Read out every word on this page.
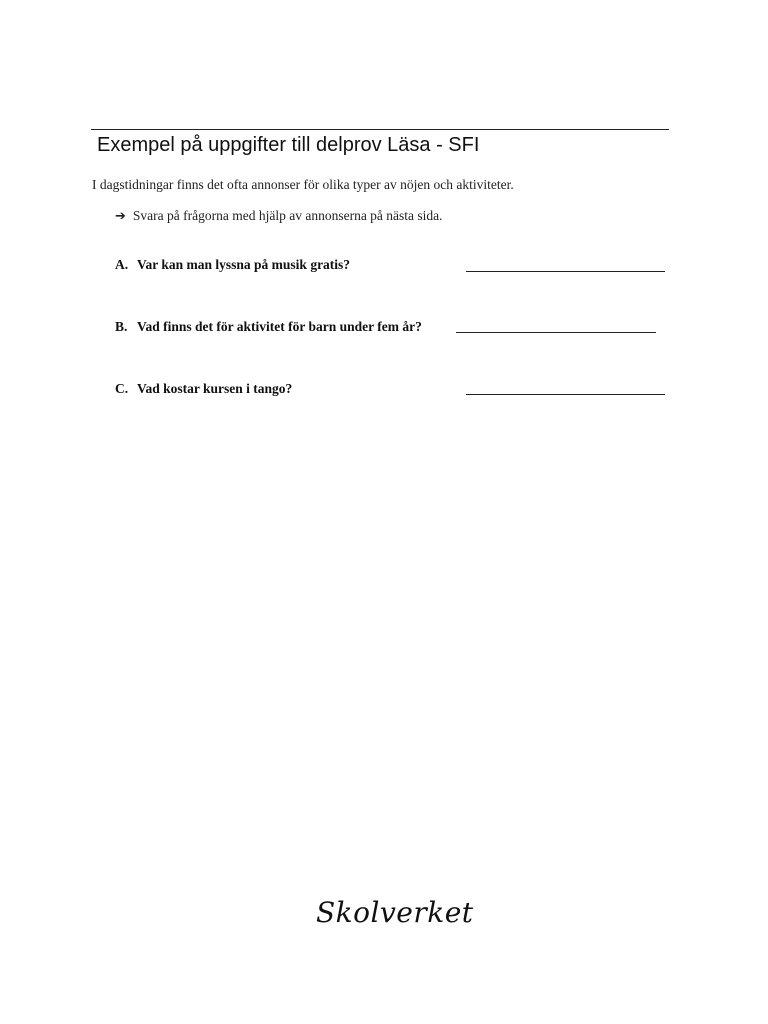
Exempel på uppgifter till delprov Läsa - SFI
I dagstidningar finns det ofta annonser för olika typer av nöjen och aktiviteter.
➔ Svara på frågorna med hjälp av annonserna på nästa sida.
A. Var kan man lyssna på musik gratis?
B. Vad finns det för aktivitet för barn under fem år?
C. Vad kostar kursen i tango?
Skolverket
